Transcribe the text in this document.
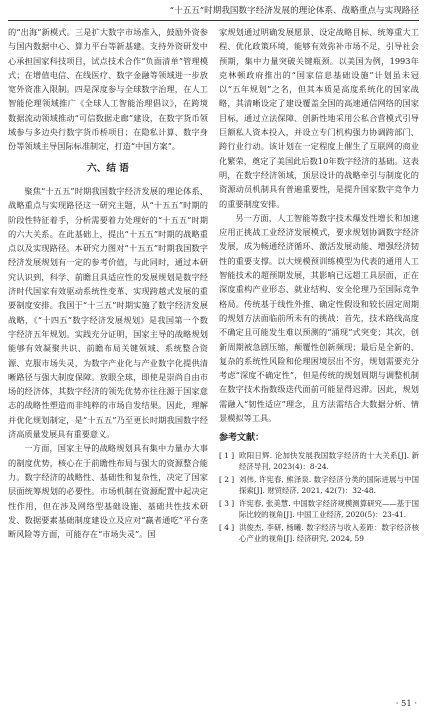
“十五五”时期我国数字经济发展的理论体系、战略重点与实现路径

的“出海”新模式。三是扩大数字市场准入，鼓励外资参与国内数据中心、算力平台等新基建。支持外资研发中心承担国家科技项目，试点技术合作“负面清单”管理模式；在增值电信、在线医疗、数字金融等领域进一步放宽外资准入限制。四是深度参与全球数字治理，在人工智能伦理领域推广《全球人工智能治理倡议》，在跨境数据流动领域推动“可信数据走廊”建设，在数字货币领域参与多边央行数字货币桥项目；在隐私计算、数字身份等领域主导国际标准制定，打造“中国方案”。

六、结 语

聚焦“十五五”时期我国数字经济发展的理论体系、战略重点与实现路径这一研究主题，从“十五五”时期的阶段性特征着手，分析需要着力处理好的“十五五”时期的六大关系。在此基础上，提出“十五五”时期的战略重点以及实现路径。本研究力图对“十五五”时期我国数字经济发展规划有一定的参考价值，与此同时，通过本研究认识到，科学、前瞻且具适应性的发展规划是数字经济时代国家有效驱动系统性变革、实现跨越式发展的重要制度安排。我国于“十三五”时期实施了数字经济发展战略，《“十四五”数字经济发展规划》是我国第一个数字经济五年规划。实践充分证明，国家主导的战略规划能够有效凝聚共识、前瞻布局关键领域、系统整合资源、克服市场失灵，为数字产业化与产业数字化提供清晰路径与强大制度保障。放眼全球，即使是崇尚自由市场的经济体，其数字经济的领先优势亦往往源于国家意志的战略性塑造而非纯粹的市场自发结果。因此，理解并优化规划制定，是“十五五”乃至更长时期我国数字经济高质量发展具有重要意义。

一方面，国家主导的战略规划具有集中力量办大事的制度优势，核心在于前瞻性布局与强大的资源整合能力。数字经济的战略性、基础性和复杂性，决定了国家层面统筹规划的必要性。市场机制在资源配置中起决定性作用，但在涉及网络型基础设施、基础共性技术研发、数据要素基础制度建设立及应对“赢者通吃”平台垄断风险等方面，可能存在“市场失灵”。国

家规划通过明确发展愿景、设定战略目标、统筹重大工程、优化政策环境，能够有效弥补市场不足，引导社会预期，集中力量突破关键瓶颈。以美国为例，1993年克林顿政府推出的“国家信息基础设施”计划虽未冠以“五年规划”之名，但其本质是高度系统化的国家战略，其清晰设定了建设覆盖全国的高速通信网络的国家目标，通过立法保障、创新性地采用公私合营模式引导巨额私人资本投入，并设立专门机构强力协调跨部门、跨行业行动。该计划在一定程度上催生了互联网的商业化繁荣，奠定了美国此后数10年数字经济的基础。这表明，在数字经济领域，顶层设计的战略牵引与制度化的资源动员机制具有普遍重要性，是提升国家数字竞争力的重要制度安排。

另一方面，人工智能等数字技术爆发性增长和加速应用正挑战工业经济发展模式，要求规划协调数字经济发展，成为畅通经济循环、激活发展动能、增强经济韧性的重要支撑。以大规模预训练模型为代表的通用人工智能技术的超预期发展，其影响已远超工具层面，正在深度重构产业形态、就业结构、安全伦理乃至国际竞争格局。传统基于线性外推、确定性假设和较长固定周期的规划方法面临前所未有的挑战：首先，技术路线高度不确定且可能发生难以预测的“涌现”式突变；其次，创新周期被急剧压缩，颠覆性创新频现；最后是全新的、复杂的系统性风险和伦理困境层出不穷，规划需要充分考虑“深度不确定性”，但是传统的规划周期与调整机制在数字技术指数级迭代面前可能显得迟滞。因此，规划需融入“韧性适应”理念，且方法需结合大数据分析、情景模拟等工具。

参考文献：
[ 1 ] 欧阳日辉. 论加快发展我国数字经济的十大关系[J]. 新经济导刊, 2023(4)：8-24.
[ 2 ] 刘伟, 许宪春, 熊泽泉. 数字经济分类的国际进展与中国探索[J]. 财贸经济, 2021, 42(7)：32-48.
[ 3 ] 许宪春, 张美慧. 中国数字经济规模测算研究——基于国际比较的视角[J]. 中国工业经济, 2020(5)：23-41.
[ 4 ] 洪俊杰, 李研, 杨曦. 数字经济与收入差距：数字经济核心产业的视角[J]. 经济研究, 2024, 59
· 51 ·
